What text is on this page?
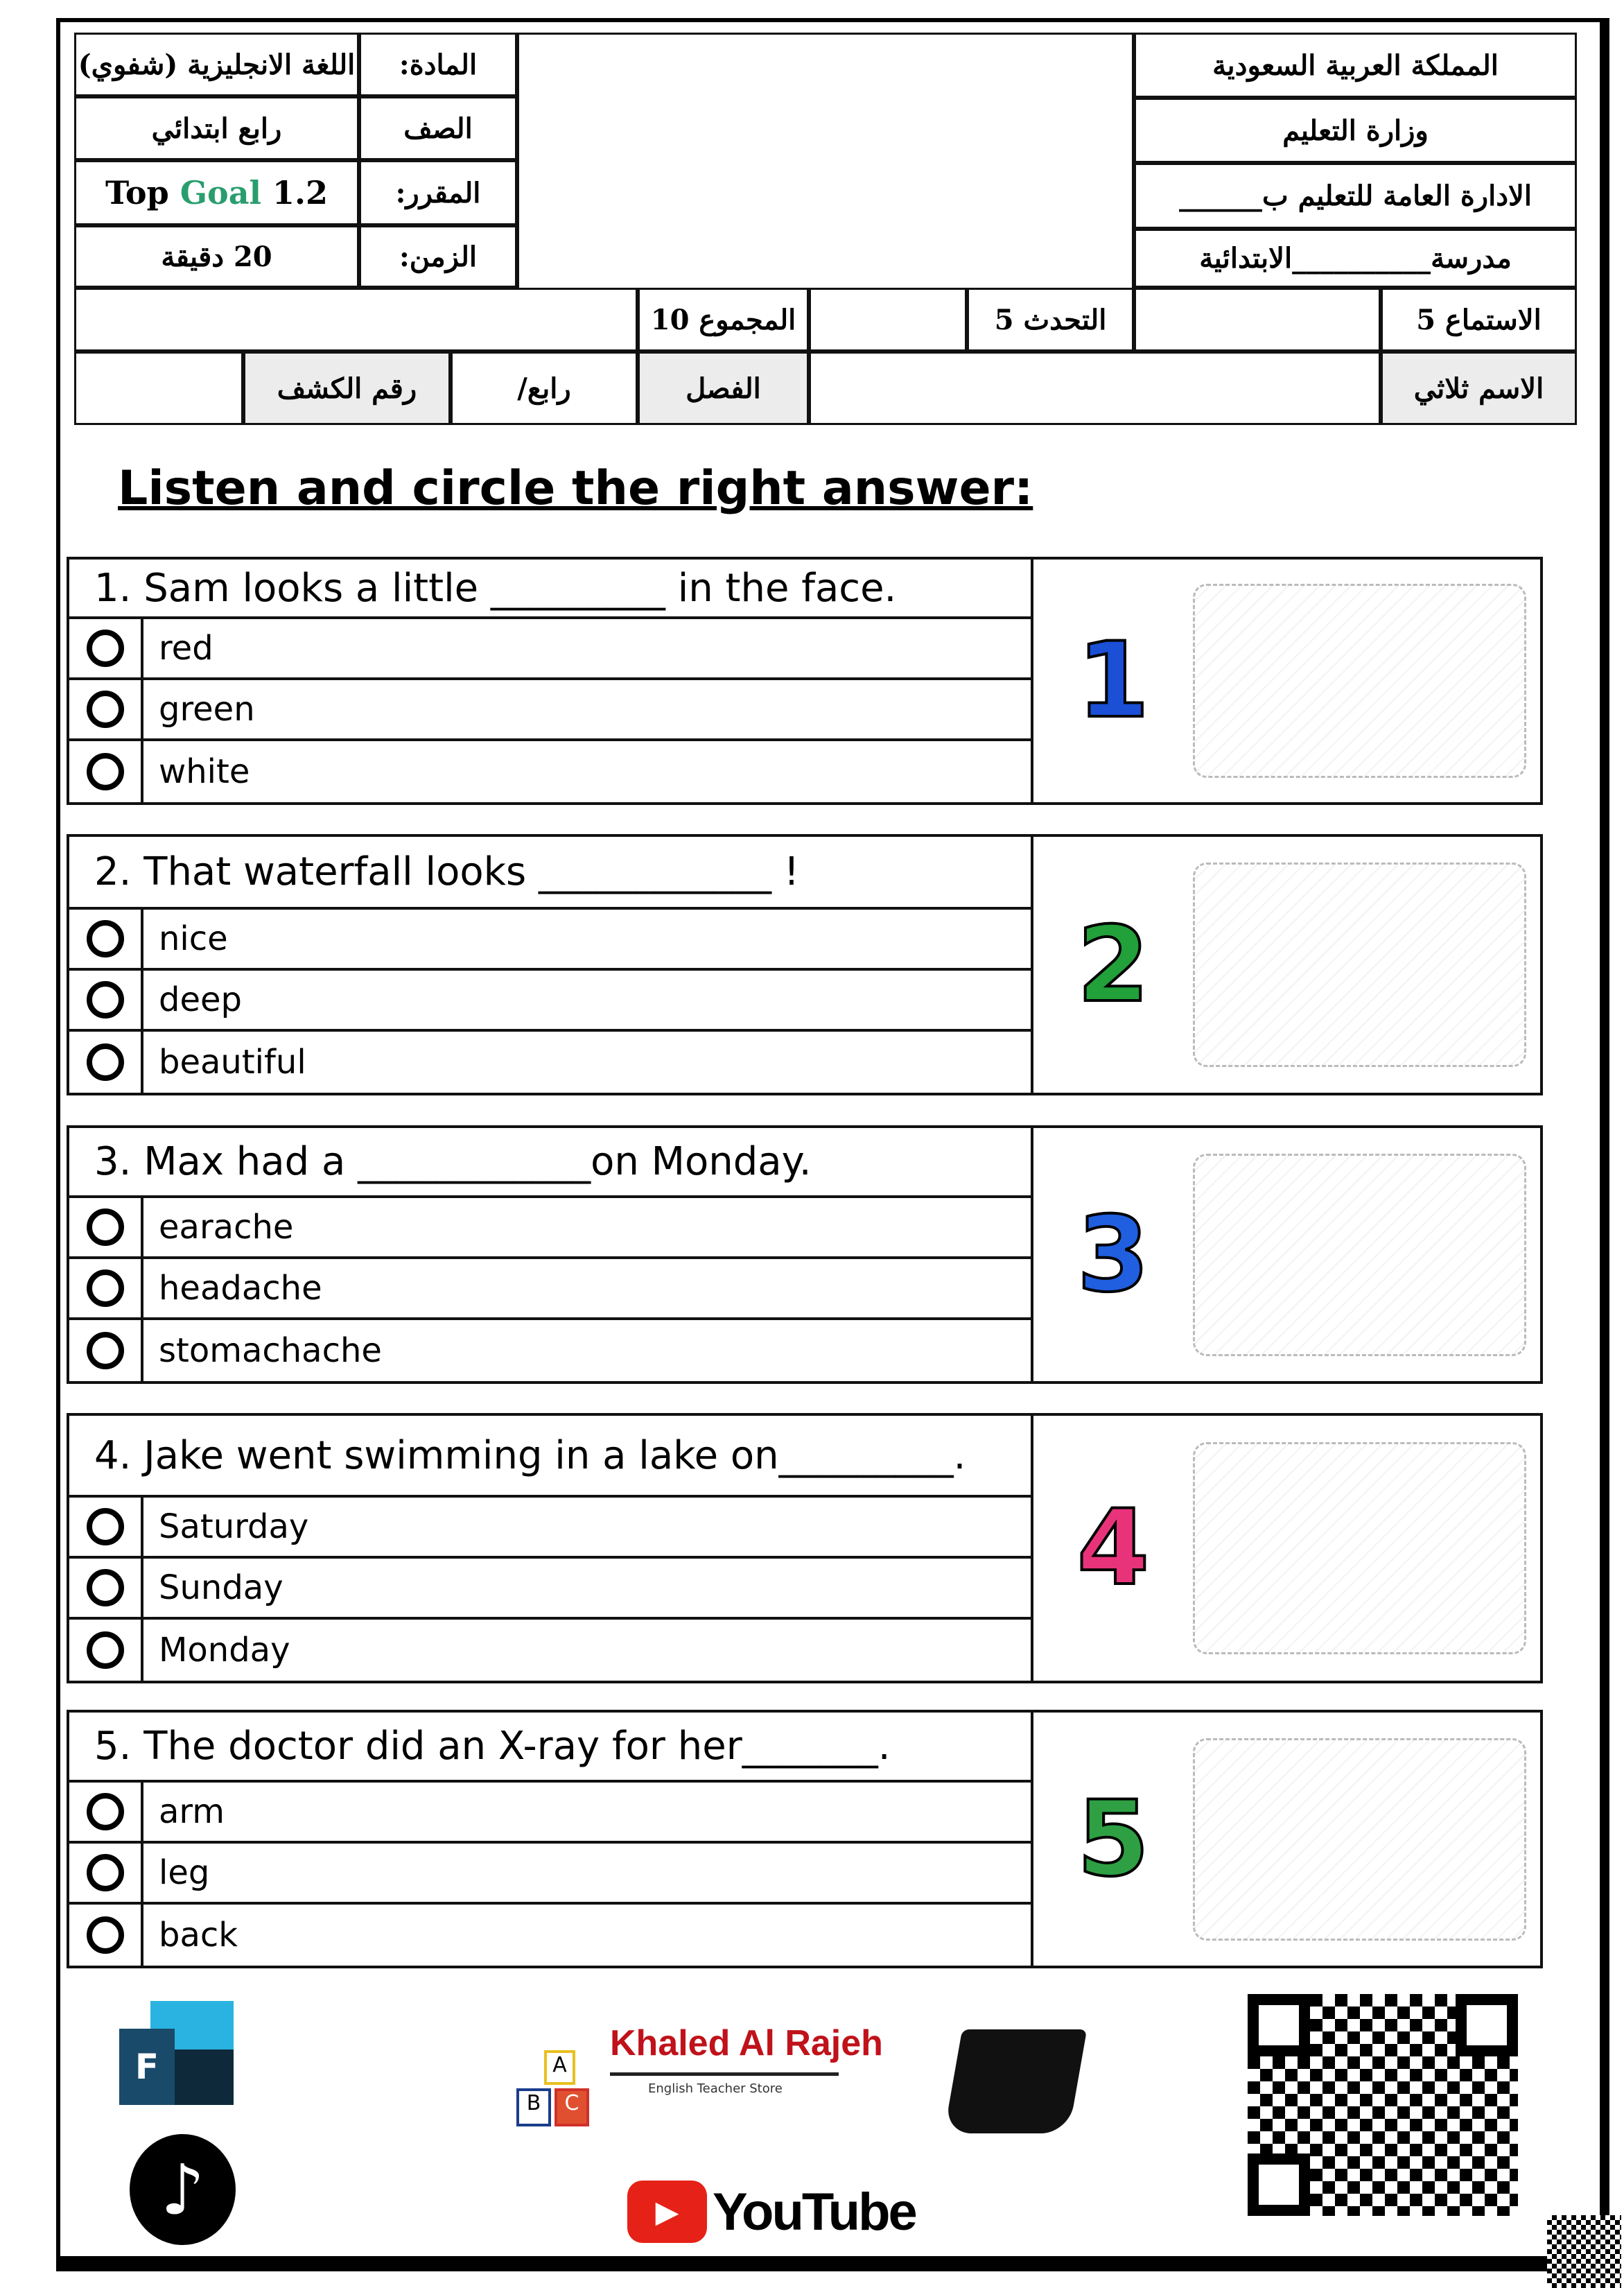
المملكة العربية السعودية
وزارة التعليم
الادارة العامة للتعليم ب______
مدرسة__________الابتدائية
المادة:
الصف
المقرر:
الزمن:
اللغة الانجليزية (شفوي)
رابع ابتدائي
Top Goal 1.2
20 دقيقة
الاستماع 5
التحدث 5
المجموع 10
الاسم ثلاثي
الفصل
رابع/
رقم الكشف
Listen and circle the right answer:
1. Sam looks a little _________ in the face.
red
green
white
1
2. That waterfall looks ____________ !
nice
deep
beautiful
2
3. Max had a ____________on Monday.
earache
headache
stomachache
3
4. Jake went swimming in a lake on_________.
Saturday
Sunday
Monday
4
5. The doctor did an X-ray for her_______.
arm
leg
back
5
F
♪
A
B	C
Khaled Al Rajeh
English Teacher Store
▶ YouTube
